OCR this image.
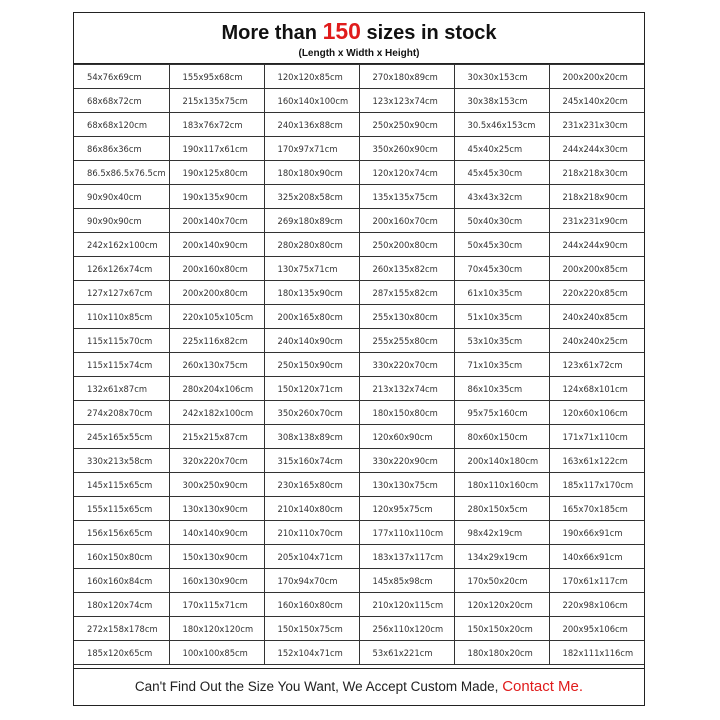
More than 150 sizes in stock
(Length x Width x Height)
54x76x69cm	155x95x68cm	120x120x85cm	270x180x89cm	30x30x153cm	200x200x20cm
68x68x72cm	215x135x75cm	160x140x100cm	123x123x74cm	30x38x153cm	245x140x20cm
68x68x120cm	183x76x72cm	240x136x88cm	250x250x90cm	30.5x46x153cm	231x231x30cm
86x86x36cm	190x117x61cm	170x97x71cm	350x260x90cm	45x40x25cm	244x244x30cm
86.5x86.5x76.5cm	190x125x80cm	180x180x90cm	120x120x74cm	45x45x30cm	218x218x30cm
90x90x40cm	190x135x90cm	325x208x58cm	135x135x75cm	43x43x32cm	218x218x90cm
90x90x90cm	200x140x70cm	269x180x89cm	200x160x70cm	50x40x30cm	231x231x90cm
242x162x100cm	200x140x90cm	280x280x80cm	250x200x80cm	50x45x30cm	244x244x90cm
126x126x74cm	200x160x80cm	130x75x71cm	260x135x82cm	70x45x30cm	200x200x85cm
127x127x67cm	200x200x80cm	180x135x90cm	287x155x82cm	61x10x35cm	220x220x85cm
110x110x85cm	220x105x105cm	200x165x80cm	255x130x80cm	51x10x35cm	240x240x85cm
115x115x70cm	225x116x82cm	240x140x90cm	255x255x80cm	53x10x35cm	240x240x25cm
115x115x74cm	260x130x75cm	250x150x90cm	330x220x70cm	71x10x35cm	123x61x72cm
132x61x87cm	280x204x106cm	150x120x71cm	213x132x74cm	86x10x35cm	124x68x101cm
274x208x70cm	242x182x100cm	350x260x70cm	180x150x80cm	95x75x160cm	120x60x106cm
245x165x55cm	215x215x87cm	308x138x89cm	120x60x90cm	80x60x150cm	171x71x110cm
330x213x58cm	320x220x70cm	315x160x74cm	330x220x90cm	200x140x180cm	163x61x122cm
145x115x65cm	300x250x90cm	230x165x80cm	130x130x75cm	180x110x160cm	185x117x170cm
155x115x65cm	130x130x90cm	210x140x80cm	120x95x75cm	280x150x5cm	165x70x185cm
156x156x65cm	140x140x90cm	210x110x70cm	177x110x110cm	98x42x19cm	190x66x91cm
160x150x80cm	150x130x90cm	205x104x71cm	183x137x117cm	134x29x19cm	140x66x91cm
160x160x84cm	160x130x90cm	170x94x70cm	145x85x98cm	170x50x20cm	170x61x117cm
180x120x74cm	170x115x71cm	160x160x80cm	210x120x115cm	120x120x20cm	220x98x106cm
272x158x178cm	180x120x120cm	150x150x75cm	256x110x120cm	150x150x20cm	200x95x106cm
185x120x65cm	100x100x85cm	152x104x71cm	53x61x221cm	180x180x20cm	182x111x116cm
Can't Find Out the Size You Want, We Accept Custom Made, Contact Me.
